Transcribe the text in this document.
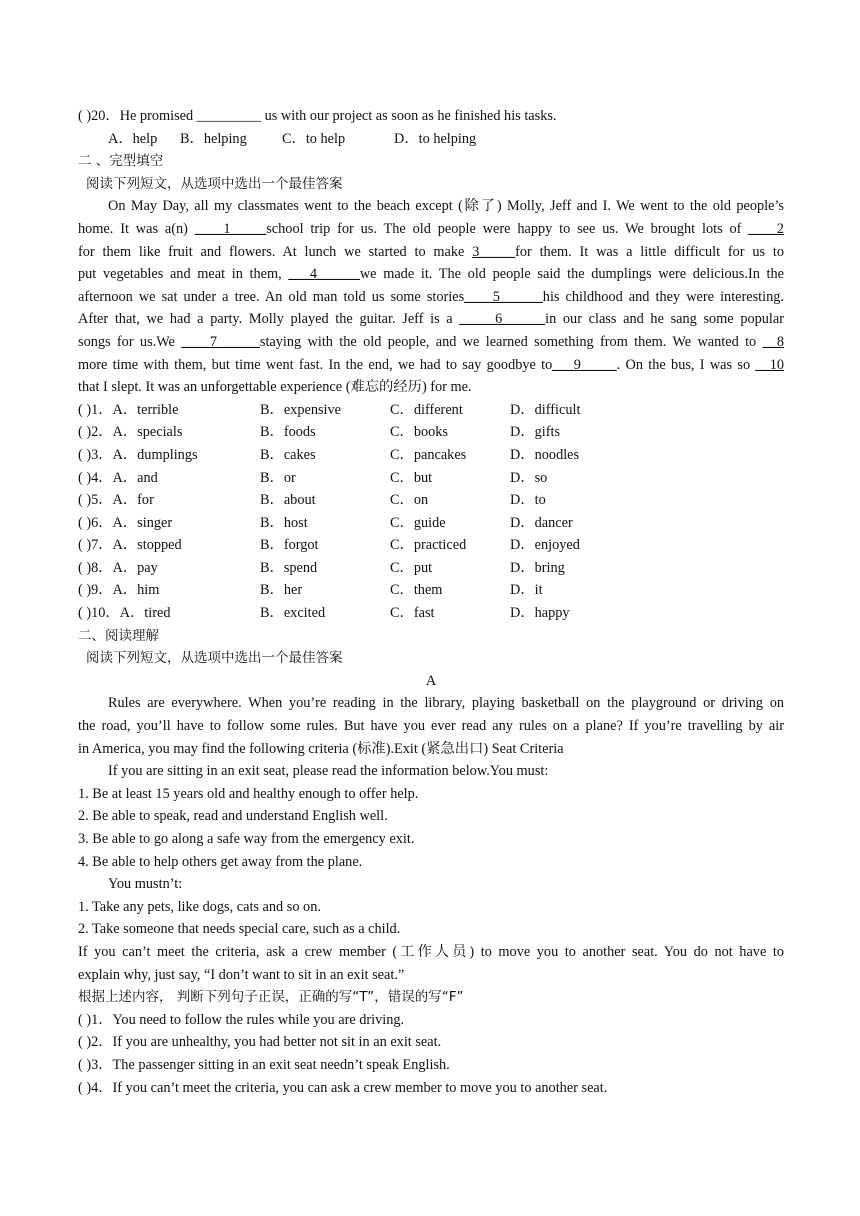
( )20．He promised _________ us with our project as soon as he finished his tasks.
A．help B．helping C．to help	D．to helping
二 、完型填空
阅读下列短文，从选项中选出一个最佳答案
On May Day, all my classmates went to the beach except (除了) Molly, Jeff and I. We went to the old people’s
home. It was a(n) ____1_____school trip for us. The old people were happy to see us. We brought lots of ____2
for them like fruit and flowers. At lunch we started to make 3_____for them. It was a little difficult for us to
put vegetables and meat in them, ___4______we made it. The old people said the dumplings were delicious.In the
afternoon we sat under a tree. An old man told us some stories____5______his childhood and they were interesting.
After that, we had a party. Molly played the guitar. Jeff is a _____6______in our class and he sang some popular
songs for us.We ____7______staying with the old people, and we learned something from them. We wanted to __8
more time with them, but time went fast. In the end, we had to say goodbye to___9_____. On the bus, I was so __10
that I slept. It was an unforgettable experience (难忘的经历) for me.
( )1．A．terrible	B．expensive	C．different	D．difficult
( )2．A．specials	B．foods	C．books	D．gifts
( )3．A．dumplings	B．cakes	C．pancakes	D．noodles
( )4．A．and	B．or	C．but	D．so
( )5．A．for	B．about	C．on	D．to
( )6．A．singer	B．host	C．guide	D．dancer
( )7．A．stopped	B．forgot	C．practiced	D．enjoyed
( )8．A．pay	B．spend	C．put	D．bring
( )9．A．him	B．her	C．them	D．it
( )10．A．tired	B．excited	C．fast	D．happy
二、阅读理解
阅读下列短文，从选项中选出一个最佳答案
A
Rules are everywhere. When you’re reading in the library, playing basketball on the playground or driving on
the road, you’ll have to follow some rules. But have you ever read any rules on a plane? If you’re travelling by air
in America, you may find the following criteria (标准).Exit (紧急出口) Seat Criteria
If you are sitting in an exit seat, please read the information below.You must:
1. Be at least 15 years old and healthy enough to offer help.
2. Be able to speak, read and understand English well.
3. Be able to go along a safe way from the emergency exit.
4. Be able to help others get away from the plane.
You mustn’t:
1. Take any pets, like dogs, cats and so on.
2. Take someone that needs special care, such as a child.
If you can’t meet the criteria, ask a crew member (工作人员) to move you to another seat. You do not have to
explain why, just say, “I don’t want to sit in an exit seat.”
根据上述内容， 判断下列句子正误，正确的写“T”，错误的写“F”
( )1．You need to follow the rules while you are driving.
( )2．If you are unhealthy, you had better not sit in an exit seat.
( )3．The passenger sitting in an exit seat needn’t speak English.
( )4．If you can’t meet the criteria, you can ask a crew member to move you to another seat.
